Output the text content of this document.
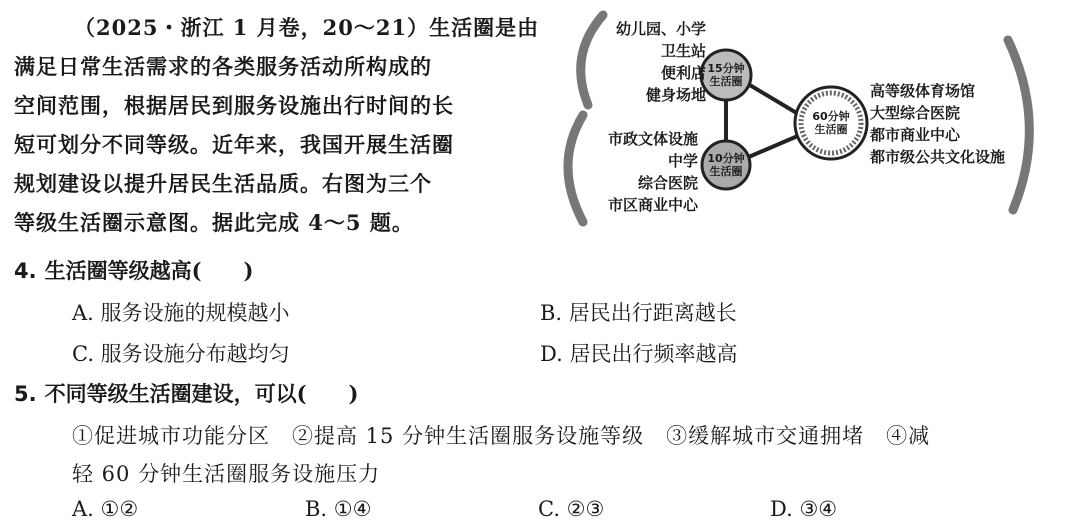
（2025・浙江 1 月卷，20～21）生活圈是由
满足日常生活需求的各类服务活动所构成的
空间范围，根据居民到服务设施出行时间的长
短可划分不同等级。近年来，我国开展生活圈
规划建设以提升居民生活品质。右图为三个
等级生活圈示意图。据此完成 4～5 题。
15分钟
生活圈
10分钟
生活圈
60分钟
生活圈
幼儿园、小学
卫生站
便利店
健身场地
市政文体设施
中学
综合医院
市区商业中心
高等级体育场馆
大型综合医院
都市商业中心
都市级公共文化设施
4. 生活圈等级越高(　　)
A. 服务设施的规模越小	B. 居民出行距离越长
C. 服务设施分布越均匀	D. 居民出行频率越高
5. 不同等级生活圈建设，可以(　　)
①促进城市功能分区　②提高 15 分钟生活圈服务设施等级　③缓解城市交通拥堵　④减
轻 60 分钟生活圈服务设施压力
A. ①②	B. ①④	C. ②③	D. ③④
